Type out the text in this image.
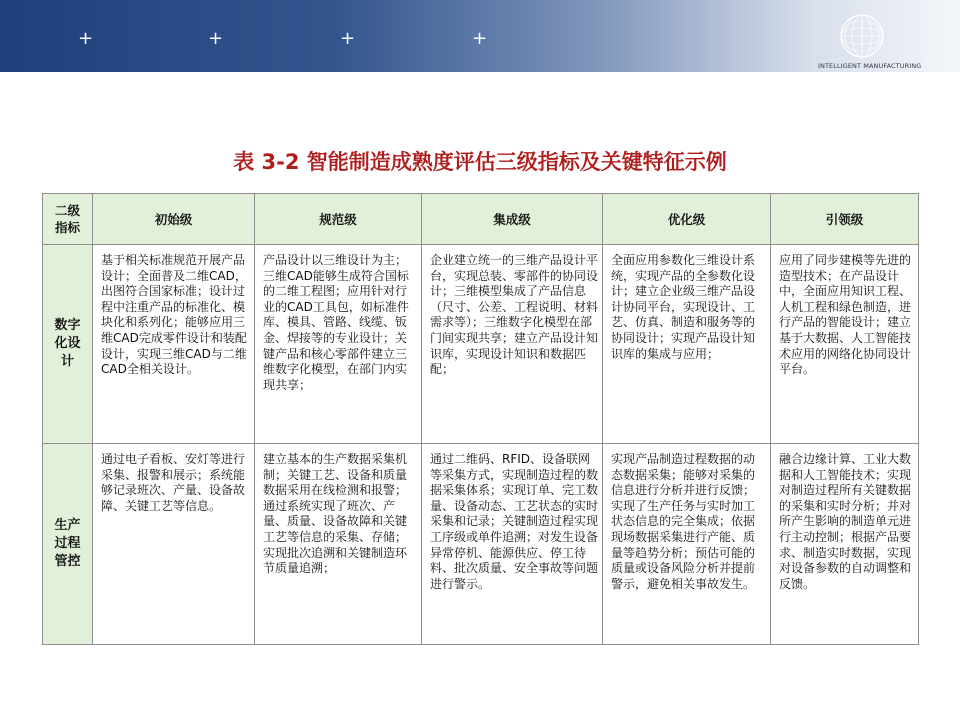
+	+	+	+
INTELLIGENT MANUFACTURING
表 3-2 智能制造成熟度评估三级指标及关键特征示例
二级
指标	初始级	规范级	集成级	优化级	引领级
数字
化设
计	基于相关标准规范开展产品设计；全面普及二维CAD，出图符合国家标准；设计过程中注重产品的标准化、模块化和系列化；能够应用三维CAD完成零件设计和装配设计，实现三维CAD与二维CAD全相关设计。	产品设计以三维设计为主；三维CAD能够生成符合国标的二维工程图；应用针对行业的CAD工具包，如标准件库、模具、管路、线缆、钣金、焊接等的专业设计；关键产品和核心零部件建立三维数字化模型，在部门内实现共享；	企业建立统一的三维产品设计平台，实现总装、零部件的协同设计；三维模型集成了产品信息（尺寸、公差、工程说明、材料需求等）；三维数字化模型在部门间实现共享；建立产品设计知识库，实现设计知识和数据匹配；	全面应用参数化三维设计系统，实现产品的全参数化设计；建立企业级三维产品设计协同平台，实现设计、工艺、仿真、制造和服务等的协同设计；实现产品设计知识库的集成与应用；	应用了同步建模等先进的造型技术；在产品设计中，全面应用知识工程、人机工程和绿色制造，进行产品的智能设计；建立基于大数据、人工智能技术应用的网络化协同设计平台。
生产
过程
管控	通过电子看板、安灯等进行采集、报警和展示；系统能够记录班次、产量、设备故障、关键工艺等信息。	建立基本的生产数据采集机制；关键工艺、设备和质量数据采用在线检测和报警；通过系统实现了班次、产量、质量、设备故障和关键工艺等信息的采集、存储；实现批次追溯和关键制造环节质量追溯；	通过二维码、RFID、设备联网等采集方式，实现制造过程的数据采集体系；实现订单、完工数量、设备动态、工艺状态的实时采集和记录；关键制造过程实现工序级或单件追溯；对发生设备异常停机、能源供应、停工待料、批次质量、安全事故等问题进行警示。	实现产品制造过程数据的动态数据采集；能够对采集的信息进行分析并进行反馈；实现了生产任务与实时加工状态信息的完全集成；依据现场数据采集进行产能、质量等趋势分析；预估可能的质量或设备风险分析并提前警示，避免相关事故发生。	融合边缘计算、工业大数据和人工智能技术；实现对制造过程所有关键数据的采集和实时分析；并对所产生影响的制造单元进行主动控制；根据产品要求、制造实时数据，实现对设备参数的自动调整和反馈。
